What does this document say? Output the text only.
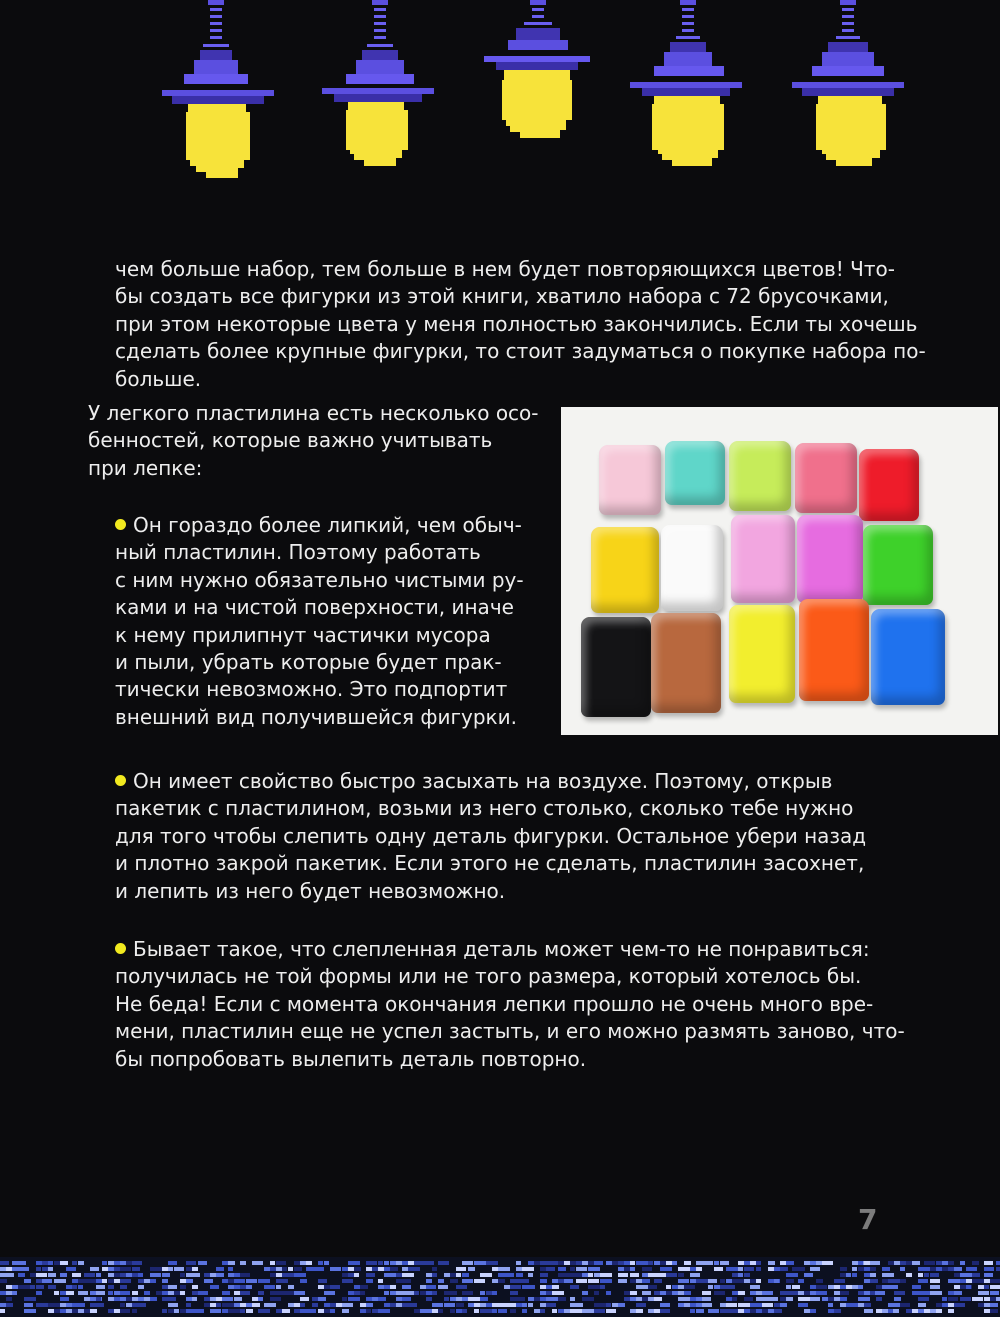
чем больше набор, тем больше в нем будет повторяющихся цветов! Что-
бы создать все фигурки из этой книги, хватило набора с 72 брусочками,
при этом некоторые цвета у меня полностью закончились. Если ты хочешь
сделать более крупные фигурки, то стоит задуматься о покупке набора по-
больше.
У легкого пластилина есть несколько осо-
бенностей, которые важно учитывать
при лепке:
Он гораздо более липкий, чем обыч-
ный пластилин. Поэтому работать
с ним нужно обязательно чистыми ру-
ками и на чистой поверхности, иначе
к нему прилипнут частички мусора
и пыли, убрать которые будет прак-
тически невозможно. Это подпортит
внешний вид получившейся фигурки.
Он имеет свойство быстро засыхать на воздухе. Поэтому, открыв
пакетик с пластилином, возьми из него столько, сколько тебе нужно
для того чтобы слепить одну деталь фигурки. Остальное убери назад
и плотно закрой пакетик. Если этого не сделать, пластилин засохнет,
и лепить из него будет невозможно.
Бывает такое, что слепленная деталь может чем-то не понравиться:
получилась не той формы или не того размера, который хотелось бы.
Не беда! Если с момента окончания лепки прошло не очень много вре-
мени, пластилин еще не успел застыть, и его можно размять заново, что-
бы попробовать вылепить деталь повторно.
7
